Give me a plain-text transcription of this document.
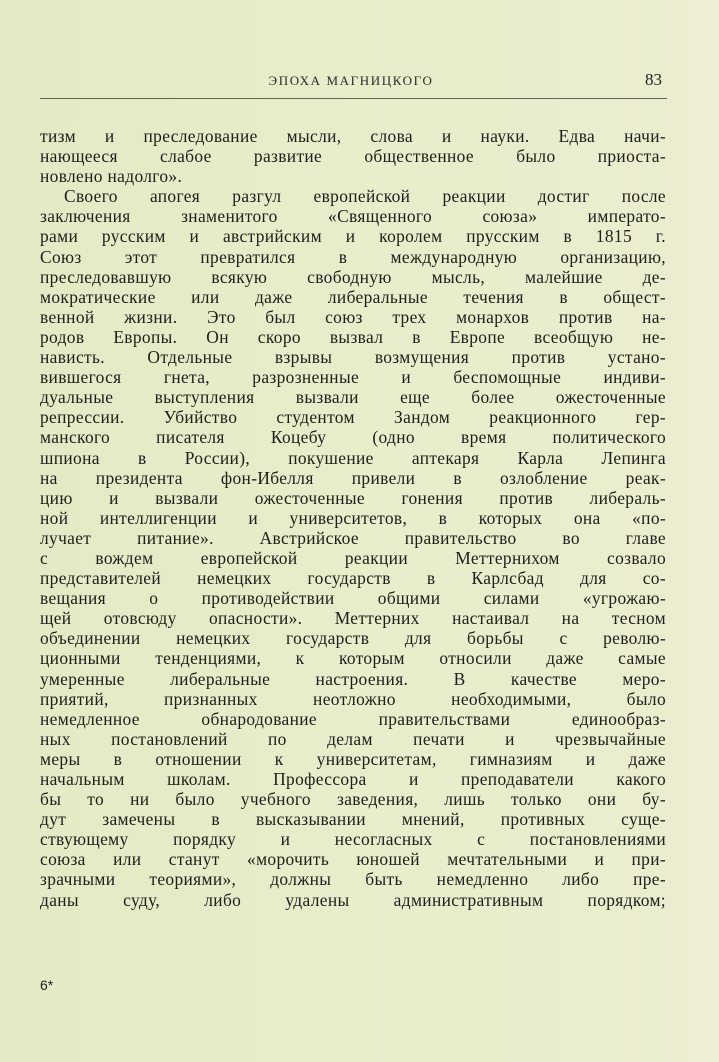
ЭПОХА МАГНИЦКОГО	83
тизм и преследование мысли, слова и науки. Едва начи-
нающееся слабое развитие общественное было приоста-
новлено надолго».
Своего апогея разгул европейской реакции достиг после
заключения знаменитого «Священного союза» императо-
рами русским и австрийским и королем прусским в 1815 г.
Союз этот превратился в международную организацию,
преследовавшую всякую свободную мысль, малейшие де-
мократические или даже либеральные течения в общест-
венной жизни. Это был союз трех монархов против на-
родов Европы. Он скоро вызвал в Европе всеобщую не-
нависть. Отдельные взрывы возмущения против устано-
вившегося гнета, разрозненные и беспомощные индиви-
дуальные выступления вызвали еще более ожесточенные
репрессии. Убийство студентом Зандом реакционного гер-
манского писателя Коцебу (одно время политического
шпиона в России), покушение аптекаря Карла Лепинга
на президента фон-Ибелля привели в озлобление реак-
цию и вызвали ожесточенные гонения против либераль-
ной интеллигенции и университетов, в которых она «по-
лучает питание». Австрийское правительство во главе
с вождем европейской реакции Меттернихом созвало
представителей немецких государств в Карлсбад для со-
вещания о противодействии общими силами «угрожаю-
щей отовсюду опасности». Меттерних настаивал на тесном
объединении немецких государств для борьбы с револю-
ционными тенденциями, к которым относили даже самые
умеренные либеральные настроения. В качестве меро-
приятий, признанных неотложно необходимыми, было
немедленное обнародование правительствами единообраз-
ных постановлений по делам печати и чрезвычайные
меры в отношении к университетам, гимназиям и даже
начальным школам. Профессора и преподаватели какого
бы то ни было учебного заведения, лишь только они бу-
дут замечены в высказывании мнений, противных суще-
ствующему порядку и несогласных с постановлениями
союза или станут «морочить юношей мечтательными и при-
зрачными теориями», должны быть немедленно либо пре-
даны суду, либо удалены административным порядком;
6*
